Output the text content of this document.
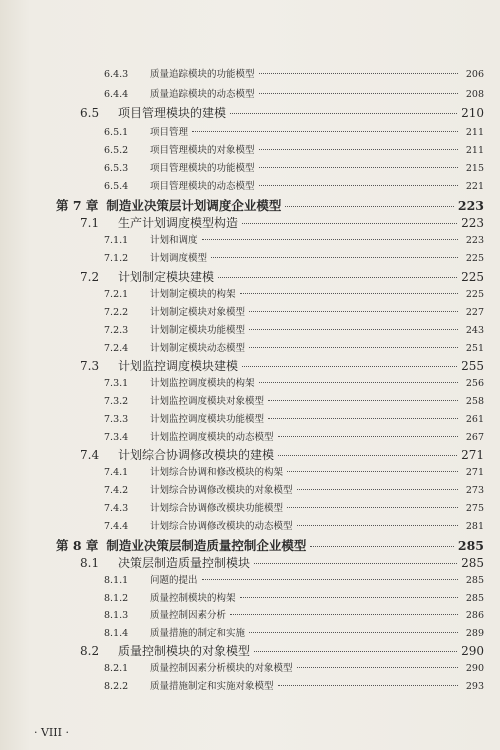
6.4.3	质量追踪模块的功能模型	206
6.4.4	质量追踪模块的动态模型	208
6.5	项目管理模块的建模	210
6.5.1	项目管理	211
6.5.2	项目管理模块的对象模型	211
6.5.3	项目管理模块的功能模型	215
6.5.4	项目管理模块的动态模型	221
第 7 章 制造业决策层计划调度企业模型	223
7.1	生产计划调度模型构造	223
7.1.1	计划和调度	223
7.1.2	计划调度模型	225
7.2	计划制定模块建模	225
7.2.1	计划制定模块的构架	225
7.2.2	计划制定模块对象模型	227
7.2.3	计划制定模块功能模型	243
7.2.4	计划制定模块动态模型	251
7.3	计划监控调度模块建模	255
7.3.1	计划监控调度模块的构架	256
7.3.2	计划监控调度模块对象模型	258
7.3.3	计划监控调度模块功能模型	261
7.3.4	计划监控调度模块的动态模型	267
7.4	计划综合协调修改模块的建模	271
7.4.1	计划综合协调和修改模块的构架	271
7.4.2	计划综合协调修改模块的对象模型	273
7.4.3	计划综合协调修改模块功能模型	275
7.4.4	计划综合协调修改模块的动态模型	281
第 8 章 制造业决策层制造质量控制企业模型	285
8.1	决策层制造质量控制模块	285
8.1.1	问题的提出	285
8.1.2	质量控制模块的构架	285
8.1.3	质量控制因素分析	286
8.1.4	质量措施的制定和实施	289
8.2	质量控制模块的对象模型	290
8.2.1	质量控制因素分析模块的对象模型	290
8.2.2	质量措施制定和实施对象模型	293
· VIII ·
